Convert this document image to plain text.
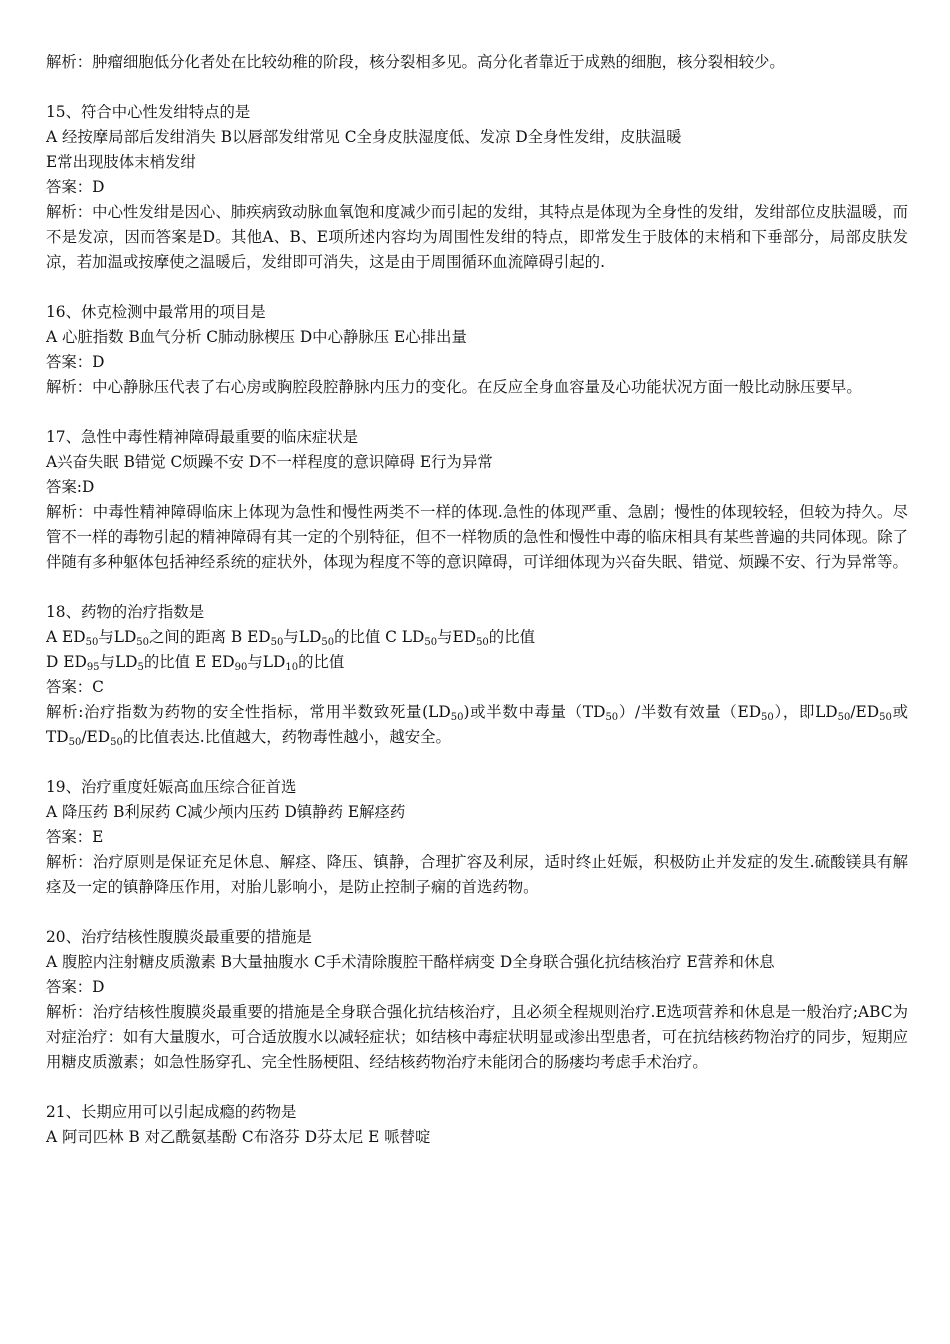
解析：肿瘤细胞低分化者处在比较幼稚的阶段，核分裂相多见。高分化者靠近于成熟的细胞，核分裂相较少。
15、符合中心性发绀特点的是
A 经按摩局部后发绀消失 B以唇部发绀常见 C全身皮肤湿度低、发凉 D全身性发绀，皮肤温暖
E常出现肢体末梢发绀
答案：D
解析：中心性发绀是因心、肺疾病致动脉血氧饱和度减少而引起的发绀，其特点是体现为全身性的发绀，发绀部位皮肤温暖，而不是发凉，因而答案是D。其他A、B、E项所述内容均为周围性发绀的特点，即常发生于肢体的末梢和下垂部分，局部皮肤发凉，若加温或按摩使之温暖后，发绀即可消失，这是由于周围循环血流障碍引起的.
16、休克检测中最常用的项目是
A 心脏指数 B血气分析 C肺动脉楔压 D中心静脉压 E心排出量
答案：D
解析：中心静脉压代表了右心房或胸腔段腔静脉内压力的变化。在反应全身血容量及心功能状况方面一般比动脉压要早。
17、急性中毒性精神障碍最重要的临床症状是
A兴奋失眠 B错觉 C烦躁不安 D不一样程度的意识障碍 E行为异常
答案:D
解析：中毒性精神障碍临床上体现为急性和慢性两类不一样的体现.急性的体现严重、急剧；慢性的体现较轻，但较为持久。尽管不一样的毒物引起的精神障碍有其一定的个别特征，但不一样物质的急性和慢性中毒的临床相具有某些普遍的共同体现。除了伴随有多种躯体包括神经系统的症状外，体现为程度不等的意识障碍，可详细体现为兴奋失眠、错觉、烦躁不安、行为异常等。
18、药物的治疗指数是
A $ED_{50}$与$LD_{50}$之间的距离 B $ED_{50}$与$LD_{50}$的比值 C $LD_{50}$与$ED_{50}$的比值
D $ED_{95}$与$LD_5$的比值 E $ED_{90}$与$LD_{10}$的比值
答案：C
解析:治疗指数为药物的安全性指标，常用半数致死量$(LD_{50})$或半数中毒量$(TD_{50})/$半数有效量$(ED_{50})$，即$LD_{50}/ED_{50}$或$TD_{50}/ED_{50}$的比值表达.比值越大，药物毒性越小，越安全。
19、治疗重度妊娠高血压综合征首选
A 降压药 B利尿药 C减少颅内压药 D镇静药 E解痉药
答案：E
解析：治疗原则是保证充足休息、解痉、降压、镇静，合理扩容及利尿，适时终止妊娠，积极防止并发症的发生.硫酸镁具有解痉及一定的镇静降压作用，对胎儿影响小，是防止控制子痫的首选药物。
20、治疗结核性腹膜炎最重要的措施是
A 腹腔内注射糖皮质激素 B大量抽腹水 C手术清除腹腔干酪样病变 D全身联合强化抗结核治疗 E营养和休息
答案：D
解析：治疗结核性腹膜炎最重要的措施是全身联合强化抗结核治疗，且必须全程规则治疗.E选项营养和休息是一般治疗;ABC为对症治疗：如有大量腹水，可合适放腹水以减轻症状；如结核中毒症状明显或渗出型患者，可在抗结核药物治疗的同步，短期应用糖皮质激素；如急性肠穿孔、完全性肠梗阻、经结核药物治疗未能闭合的肠瘘均考虑手术治疗。
21、长期应用可以引起成瘾的药物是
A 阿司匹林 B 对乙酰氨基酚 C布洛芬 D芬太尼 E 哌替啶
